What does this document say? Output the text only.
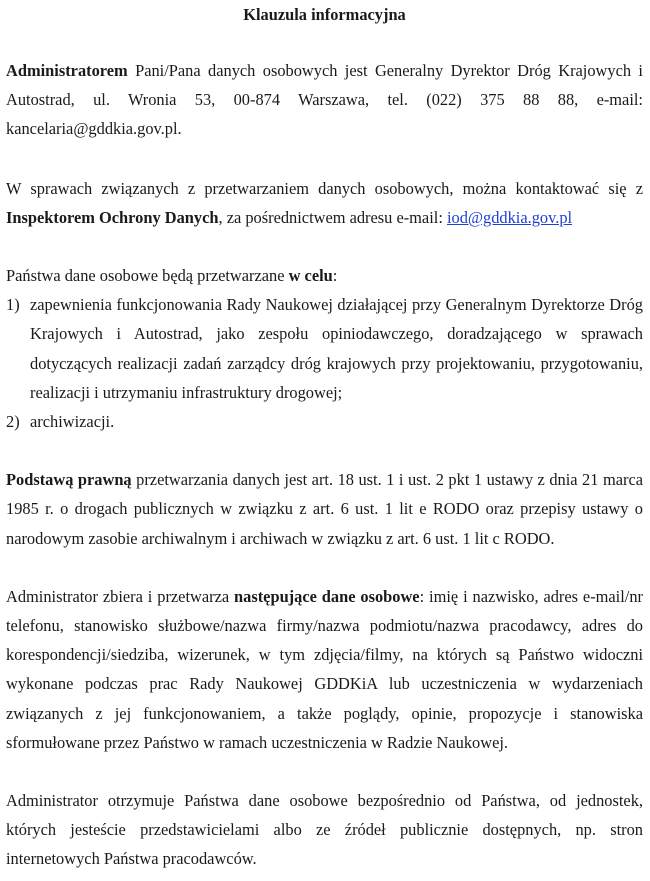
Klauzula informacyjna

Administratorem Pani/Pana danych osobowych jest Generalny Dyrektor Dróg Krajowych i Autostrad, ul. Wronia 53, 00-874 Warszawa, tel. (022) 375 88 88, e-mail: kancelaria@gddkia.gov.pl.

W sprawach związanych z przetwarzaniem danych osobowych, można kontaktować się z Inspektorem Ochrony Danych, za pośrednictwem adresu e-mail: iod@gddkia.gov.pl

Państwa dane osobowe będą przetwarzane w celu:

1) zapewnienia funkcjonowania Rady Naukowej działającej przy Generalnym Dyrektorze Dróg Krajowych i Autostrad, jako zespołu opiniodawczego, doradzającego w sprawach dotyczących realizacji zadań zarządcy dróg krajowych przy projektowaniu, przygotowaniu, realizacji i utrzymaniu infrastruktury drogowej;
2) archiwizacji.

Podstawą prawną przetwarzania danych jest art. 18 ust. 1 i ust. 2 pkt 1 ustawy z dnia 21 marca 1985 r. o drogach publicznych w związku z art. 6 ust. 1 lit e RODO oraz przepisy ustawy o narodowym zasobie archiwalnym i archiwach w związku z art. 6 ust. 1 lit c RODO.

Administrator zbiera i przetwarza następujące dane osobowe: imię i nazwisko, adres e-mail/nr telefonu, stanowisko służbowe/nazwa firmy/nazwa podmiotu/nazwa pracodawcy, adres do korespondencji/siedziba, wizerunek, w tym zdjęcia/filmy, na których są Państwo widoczni wykonane podczas prac Rady Naukowej GDDKiA lub uczestniczenia w wydarzeniach związanych z jej funkcjonowaniem, a także poglądy, opinie, propozycje i stanowiska sformułowane przez Państwo w ramach uczestniczenia w Radzie Naukowej.

Administrator otrzymuje Państwa dane osobowe bezpośrednio od Państwa, od jednostek, których jesteście przedstawicielami albo ze źródeł publicznie dostępnych, np. stron internetowych Państwa pracodawców.
